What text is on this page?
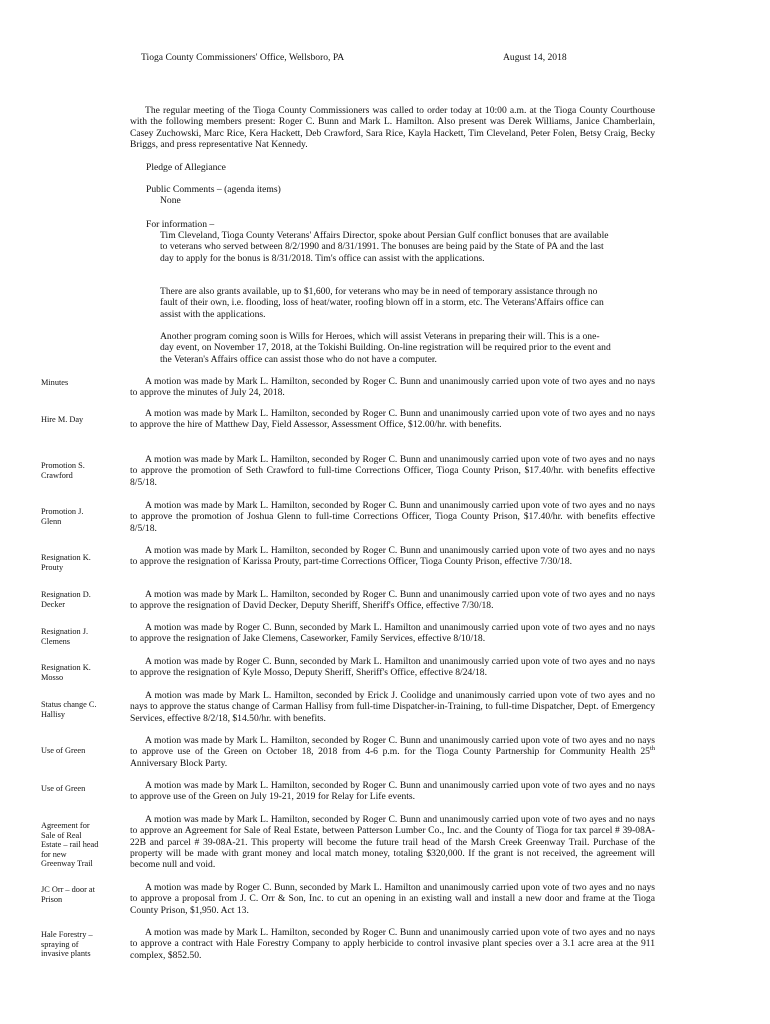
Tioga County Commissioners' Office, Wellsboro, PA	August 14, 2018
The regular meeting of the Tioga County Commissioners was called to order today at 10:00 a.m. at the Tioga County Courthouse with the following members present: Roger C. Bunn and Mark L. Hamilton. Also present was Derek Williams, Janice Chamberlain, Casey Zuchowski, Marc Rice, Kera Hackett, Deb Crawford, Sara Rice, Kayla Hackett, Tim Cleveland, Peter Folen, Betsy Craig, Becky Briggs, and press representative Nat Kennedy.
Pledge of Allegiance
Public Comments – (agenda items)
None
For information –
Tim Cleveland, Tioga County Veterans' Affairs Director, spoke about Persian Gulf conflict bonuses that are available to veterans who served between 8/2/1990 and 8/31/1991. The bonuses are being paid by the State of PA and the last day to apply for the bonus is 8/31/2018. Tim's office can assist with the applications.
There are also grants available, up to $1,600, for veterans who may be in need of temporary assistance through no fault of their own, i.e. flooding, loss of heat/water, roofing blown off in a storm, etc. The Veterans'Affairs office can assist with the applications.
Another program coming soon is Wills for Heroes, which will assist Veterans in preparing their will. This is a one-day event, on November 17, 2018, at the Tokishi Building. On-line registration will be required prior to the event and the Veteran's Affairs office can assist those who do not have a computer.
Minutes	A motion was made by Mark L. Hamilton, seconded by Roger C. Bunn and unanimously carried upon vote of two ayes and no nays to approve the minutes of July 24, 2018.
Hire M. Day
A motion was made by Mark L. Hamilton, seconded by Roger C. Bunn and unanimously carried upon vote of two ayes and no nays to approve the hire of Matthew Day, Field Assessor, Assessment Office, $12.00/hr. with benefits.
Promotion S. Crawford
A motion was made by Mark L. Hamilton, seconded by Roger C. Bunn and unanimously carried upon vote of two ayes and no nays to approve the promotion of Seth Crawford to full-time Corrections Officer, Tioga County Prison, $17.40/hr. with benefits effective 8/5/18.
Promotion J. Glenn
A motion was made by Mark L. Hamilton, seconded by Roger C. Bunn and unanimously carried upon vote of two ayes and no nays to approve the promotion of Joshua Glenn to full-time Corrections Officer, Tioga County Prison, $17.40/hr. with benefits effective 8/5/18.
Resignation K. Prouty
A motion was made by Mark L. Hamilton, seconded by Roger C. Bunn and unanimously carried upon vote of two ayes and no nays to approve the resignation of Karissa Prouty, part-time Corrections Officer, Tioga County Prison, effective 7/30/18.
Resignation D. Decker
A motion was made by Mark L. Hamilton, seconded by Roger C. Bunn and unanimously carried upon vote of two ayes and no nays to approve the resignation of David Decker, Deputy Sheriff, Sheriff's Office, effective 7/30/18.
Resignation J. Clemens
A motion was made by Roger C. Bunn, seconded by Mark L. Hamilton and unanimously carried upon vote of two ayes and no nays to approve the resignation of Jake Clemens, Caseworker, Family Services, effective 8/10/18.
Resignation K. Mosso
A motion was made by Roger C. Bunn, seconded by Mark L. Hamilton and unanimously carried upon vote of two ayes and no nays to approve the resignation of Kyle Mosso, Deputy Sheriff, Sheriff's Office, effective 8/24/18.
Status change C. Hallisy
A motion was made by Mark L. Hamilton, seconded by Erick J. Coolidge and unanimously carried upon vote of two ayes and no nays to approve the status change of Carman Hallisy from full-time Dispatcher-in-Training, to full-time Dispatcher, Dept. of Emergency Services, effective 8/2/18, $14.50/hr. with benefits.
Use of Green
A motion was made by Mark L. Hamilton, seconded by Roger C. Bunn and unanimously carried upon vote of two ayes and no nays to approve use of the Green on October 18, 2018 from 4-6 p.m. for the Tioga County Partnership for Community Health 25th Anniversary Block Party.
Use of Green	A motion was made by Mark L. Hamilton, seconded by Roger C. Bunn and unanimously carried upon vote of two ayes and no nays to approve use of the Green on July 19-21, 2019 for Relay for Life events.
Agreement for Sale of Real Estate – rail head for new Greenway Trail
A motion was made by Mark L. Hamilton, seconded by Roger C. Bunn and unanimously carried upon vote of two ayes and no nays to approve an Agreement for Sale of Real Estate, between Patterson Lumber Co., Inc. and the County of Tioga for tax parcel # 39-08A-22B and parcel # 39-08A-21. This property will become the future trail head of the Marsh Creek Greenway Trail. Purchase of the property will be made with grant money and local match money, totaling $320,000. If the grant is not received, the agreement will become null and void.
JC Orr – door at Prison
A motion was made by Roger C. Bunn, seconded by Mark L. Hamilton and unanimously carried upon vote of two ayes and no nays to approve a proposal from J. C. Orr & Son, Inc. to cut an opening in an existing wall and install a new door and frame at the Tioga County Prison, $1,950. Act 13.
Hale Forestry – spraying of invasive plants
A motion was made by Mark L. Hamilton, seconded by Roger C. Bunn and unanimously carried upon vote of two ayes and no nays to approve a contract with Hale Forestry Company to apply herbicide to control invasive plant species over a 3.1 acre area at the 911 complex, $852.50.
